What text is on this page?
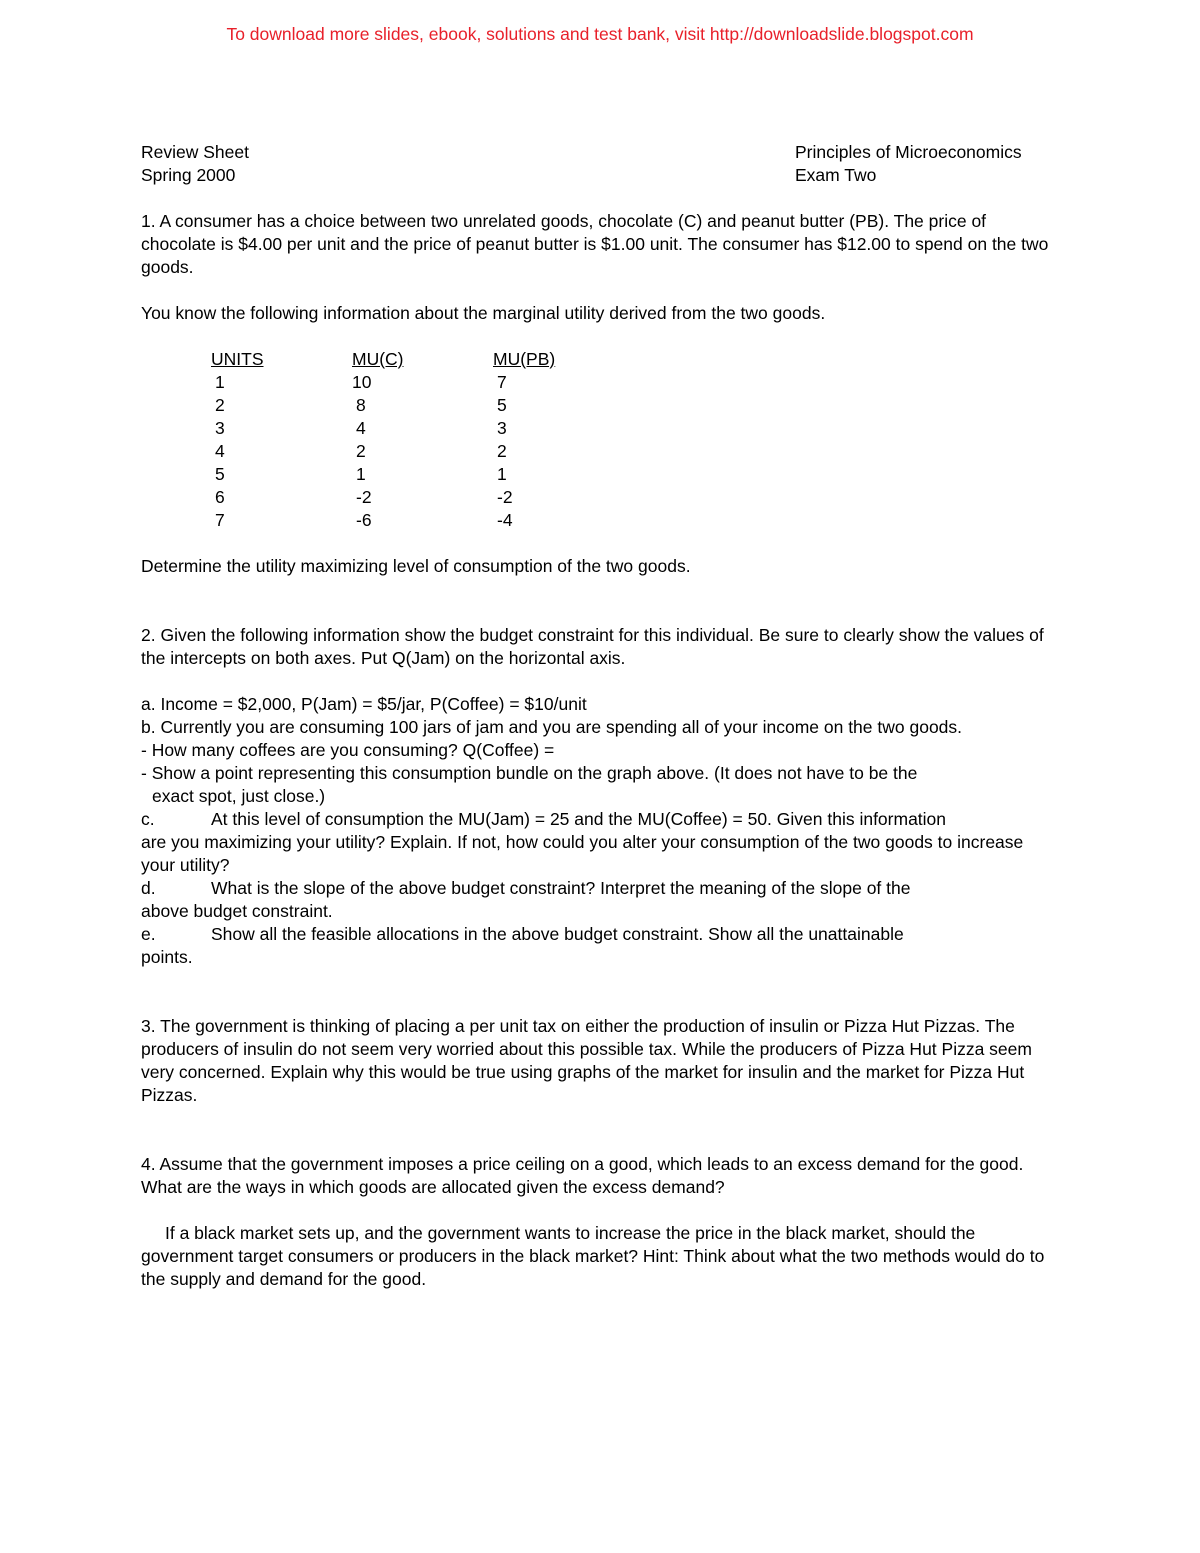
To download more slides, ebook, solutions and test bank, visit http://downloadslide.blogspot.com

Review Sheet

Spring 2000

Principles of Microeconomics

Exam Two

1. A consumer has a choice between two unrelated goods, chocolate (C) and peanut butter (PB). The price of chocolate is $4.00 per unit and the price of peanut butter is $1.00 unit. The consumer has $12.00 to spend on the two goods.

You know the following information about the marginal utility derived from the two goods.

UNITS	MU(C)	MU(PB)
1	10	7
2	8	5
3	4	3
4	2	2
5	1	1
6	-2	-2
7	-6	-4

Determine the utility maximizing level of consumption of the two goods.

2. Given the following information show the budget constraint for this individual. Be sure to clearly show the values of the intercepts on both axes. Put Q(Jam) on the horizontal axis.

a. Income = $2,000, P(Jam) = $5/jar, P(Coffee) = $10/unit

b. Currently you are consuming 100 jars of jam and you are spending all of your income on the two goods.

- How many coffees are you consuming? Q(Coffee) =

- Show a point representing this consumption bundle on the graph above. (It does not have to be the

exact spot, just close.)

c.	At this level of consumption the MU(Jam) = 25 and the MU(Coffee) = 50. Given this information

are you maximizing your utility? Explain. If not, how could you alter your consumption of the two goods to increase your utility?

d.	What is the slope of the above budget constraint? Interpret the meaning of the slope of the

above budget constraint.

e.	Show all the feasible allocations in the above budget constraint. Show all the unattainable

points.

3. The government is thinking of placing a per unit tax on either the production of insulin or Pizza Hut Pizzas. The producers of insulin do not seem very worried about this possible tax. While the producers of Pizza Hut Pizza seem very concerned. Explain why this would be true using graphs of the market for insulin and the market for Pizza Hut Pizzas.

4. Assume that the government imposes a price ceiling on a good, which leads to an excess demand for the good. What are the ways in which goods are allocated given the excess demand?

If a black market sets up, and the government wants to increase the price in the black market, should the government target consumers or producers in the black market? Hint: Think about what the two methods would do to the supply and demand for the good.
